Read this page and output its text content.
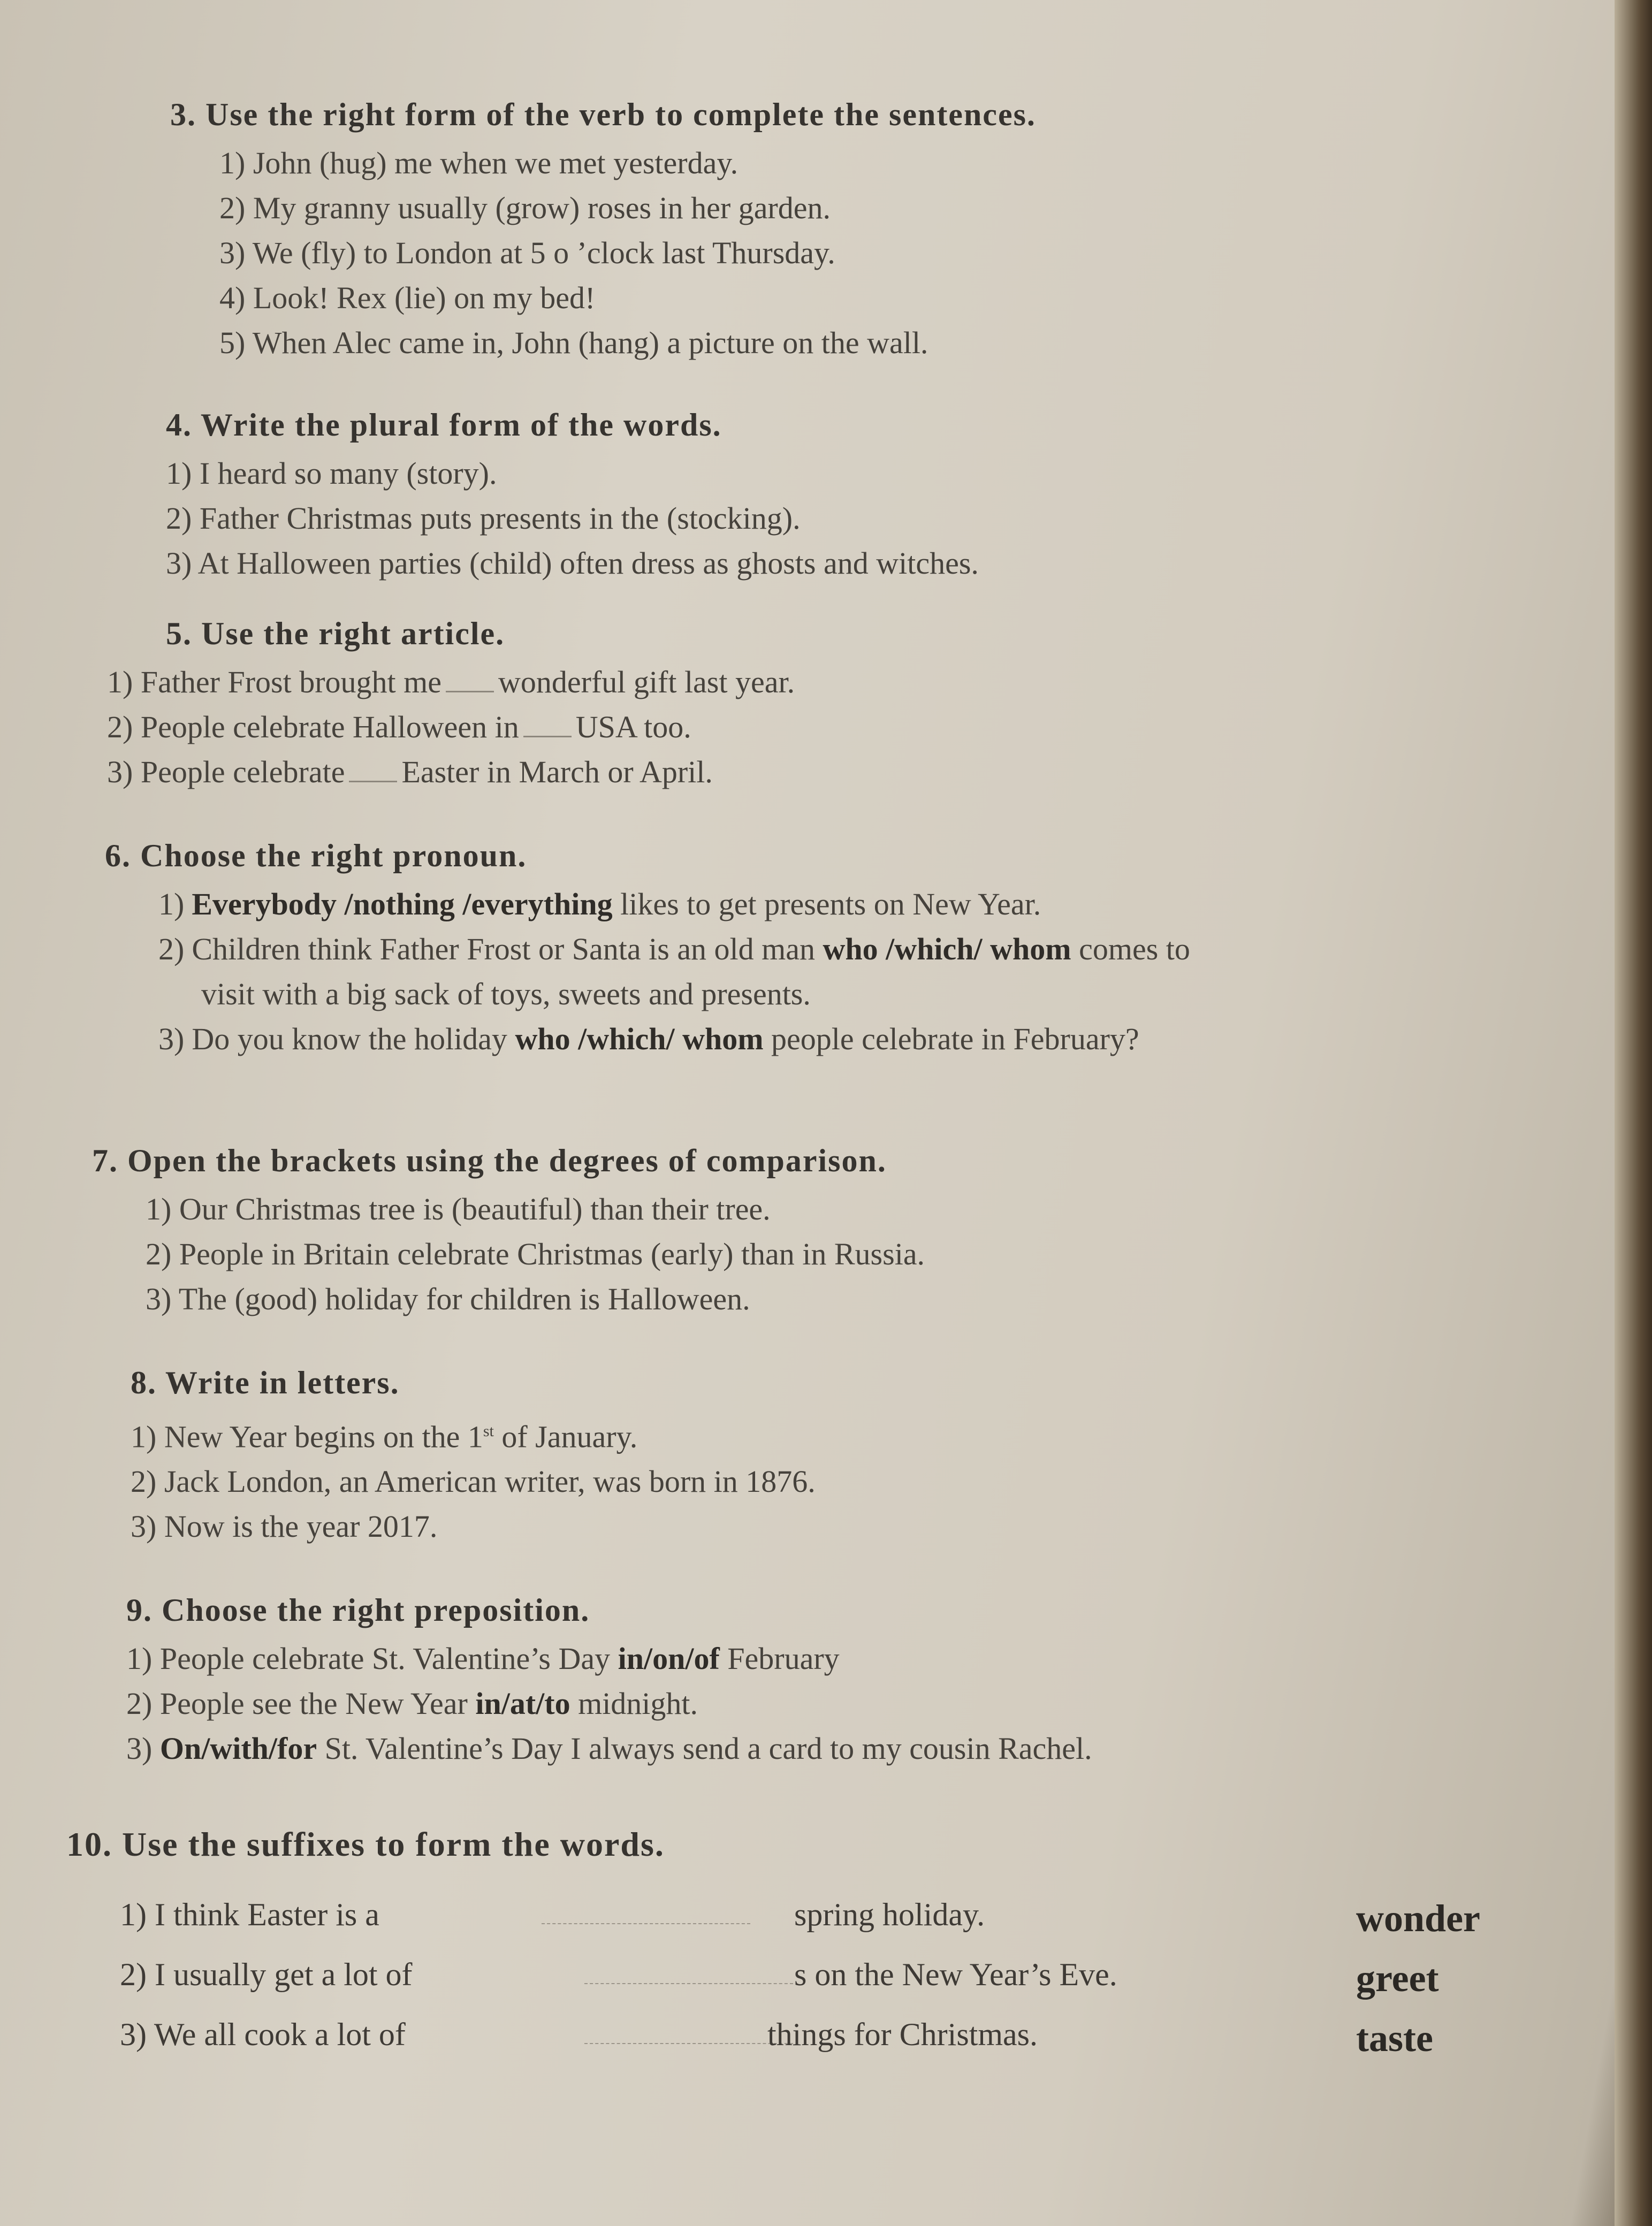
3. Use the right form of the verb to complete the sentences.
1) John (hug) me when we met yesterday.
2) My granny usually (grow) roses in her garden.
3) We (fly) to London at 5 o ’clock last Thursday.
4) Look! Rex (lie) on my bed!
5) When Alec came in, John (hang) a picture on the wall.
4. Write the plural form of the words.
1) I heard so many (story).
2) Father Christmas puts presents in the (stocking).
3) At Halloween parties (child) often dress as ghosts and witches.
5. Use the right article.
1) Father Frost brought me wonderful gift last year.
2) People celebrate Halloween in USA too.
3) People celebrate Easter in March or April.
6. Choose the right pronoun.
1) Everybody /nothing /everything likes to get presents on New Year.
2) Children think Father Frost or Santa is an old man who /which/ whom comes to
visit with a big sack of toys, sweets and presents.
3) Do you know the holiday who /which/ whom people celebrate in February?
7. Open the brackets using the degrees of comparison.
1) Our Christmas tree is (beautiful) than their tree.
2) People in Britain celebrate Christmas (early) than in Russia.
3) The (good) holiday for children is Halloween.
8. Write in letters.
1) New Year begins on the 1st of January.
2) Jack London, an American writer, was born in 1876.
3) Now is the year 2017.
9. Choose the right preposition.
1) People celebrate St. Valentine’s Day in/on/of February
2) People see the New Year in/at/to midnight.
3) On/with/for St. Valentine’s Day I always send a card to my cousin Rachel.
10. Use the suffixes to form the words.
1) I think Easter is a	spring holiday.	wonder
2) I usually get a lot of	s on the New Year’s Eve.	greet
3) We all cook a lot of	things for Christmas.	taste
